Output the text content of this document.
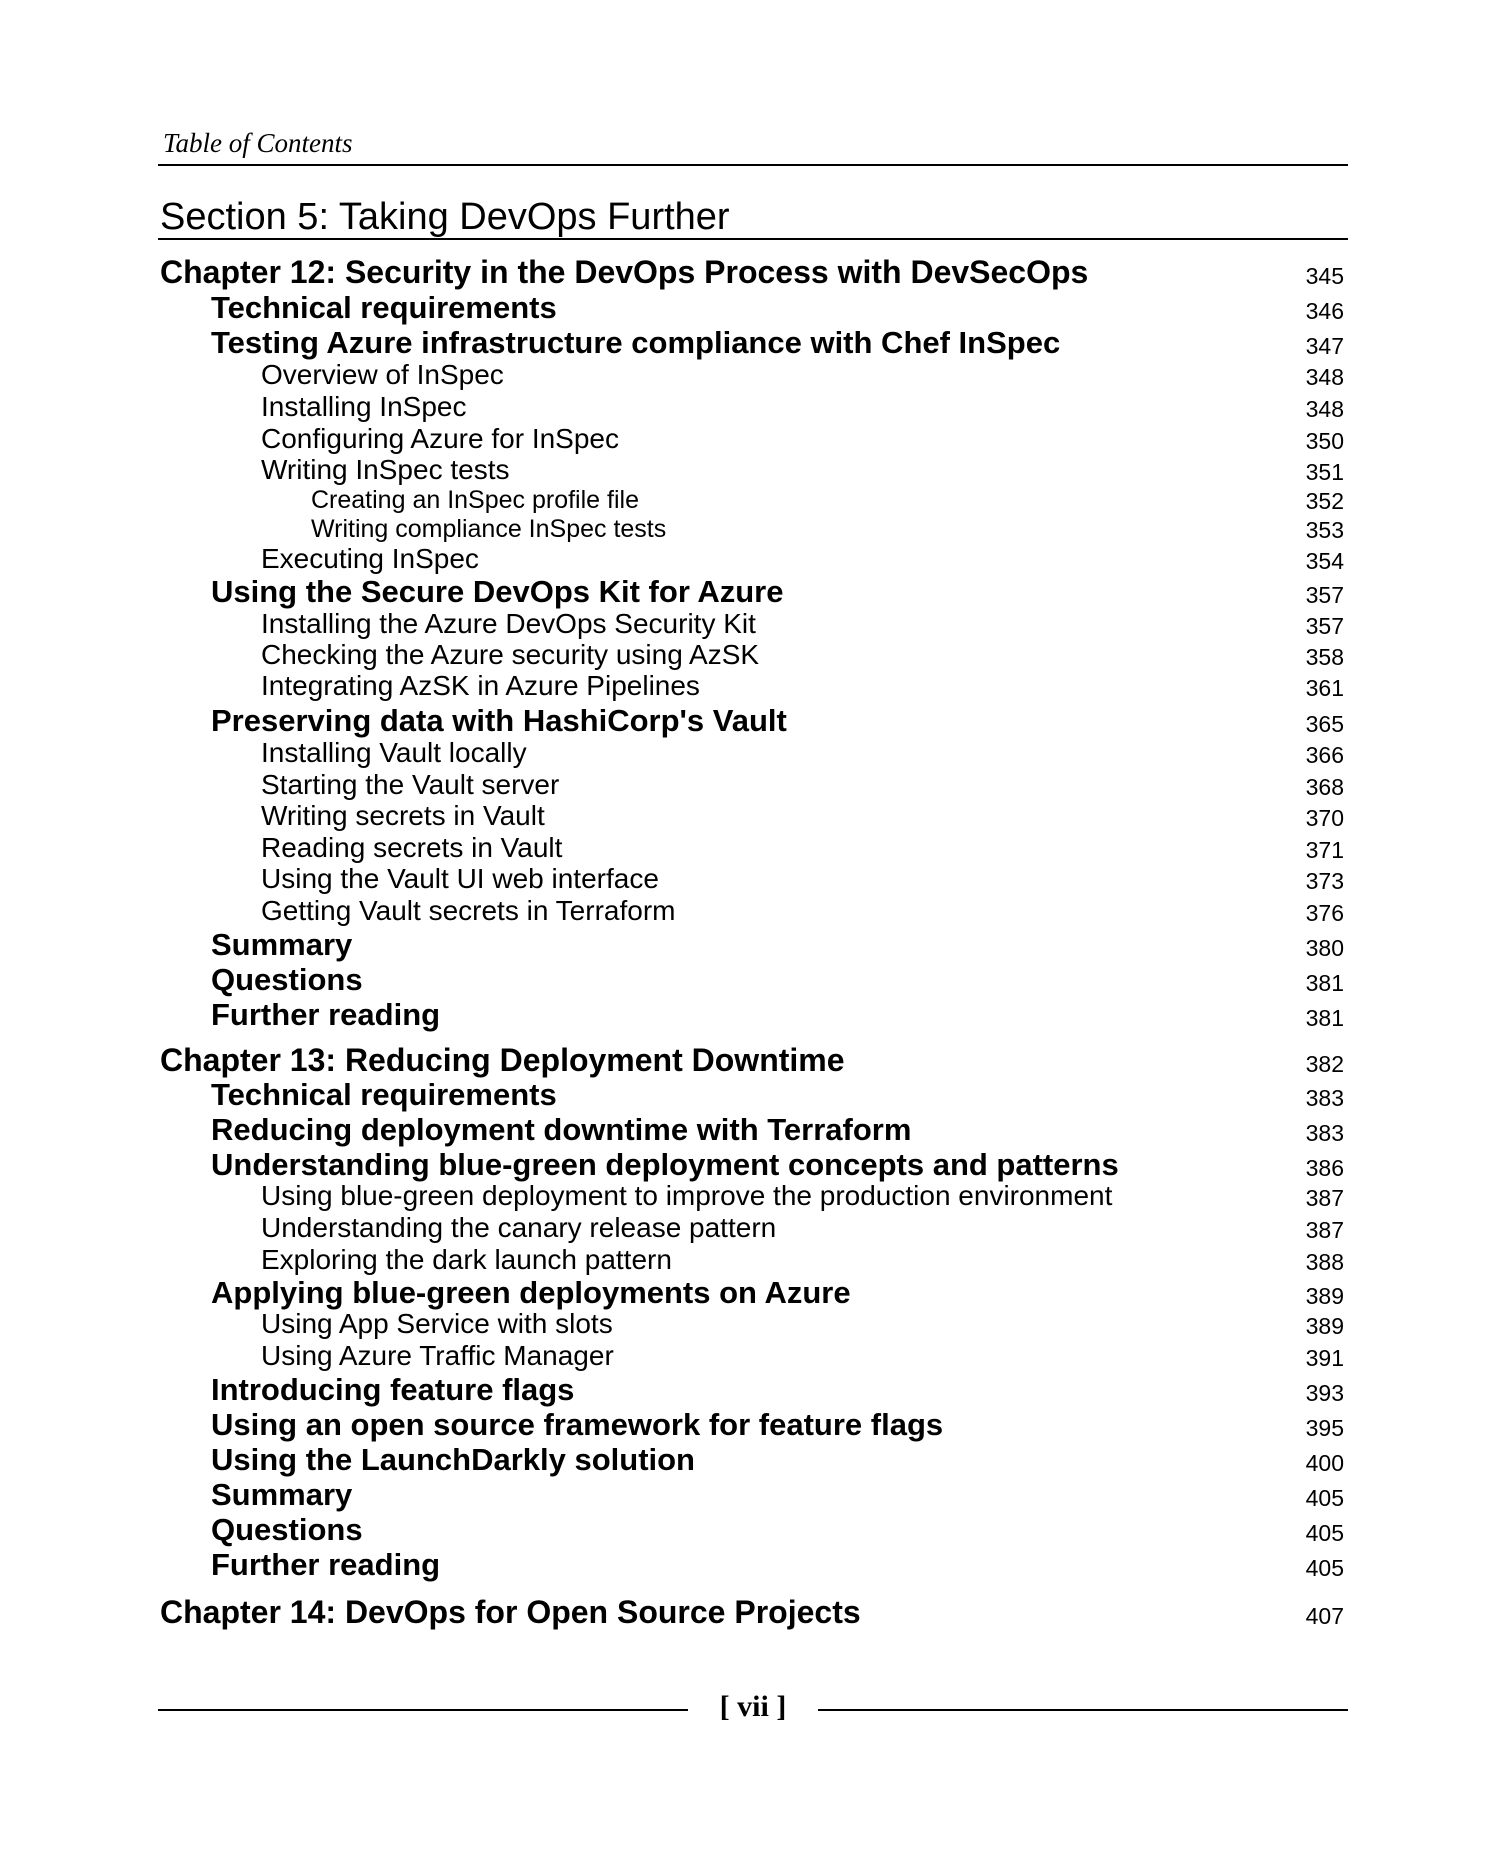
Table of Contents
Section 5: Taking DevOps Further
Chapter 12: Security in the DevOps Process with DevSecOps	345
Technical requirements	346
Testing Azure infrastructure compliance with Chef InSpec	347
Overview of InSpec	348
Installing InSpec	348
Configuring Azure for InSpec	350
Writing InSpec tests	351
Creating an InSpec profile file	352
Writing compliance InSpec tests	353
Executing InSpec	354
Using the Secure DevOps Kit for Azure	357
Installing the Azure DevOps Security Kit	357
Checking the Azure security using AzSK	358
Integrating AzSK in Azure Pipelines	361
Preserving data with HashiCorp's Vault	365
Installing Vault locally	366
Starting the Vault server	368
Writing secrets in Vault	370
Reading secrets in Vault	371
Using the Vault UI web interface	373
Getting Vault secrets in Terraform	376
Summary	380
Questions	381
Further reading	381
Chapter 13: Reducing Deployment Downtime	382
Technical requirements	383
Reducing deployment downtime with Terraform	383
Understanding blue-green deployment concepts and patterns	386
Using blue-green deployment to improve the production environment	387
Understanding the canary release pattern	387
Exploring the dark launch pattern	388
Applying blue-green deployments on Azure	389
Using App Service with slots	389
Using Azure Traffic Manager	391
Introducing feature flags	393
Using an open source framework for feature flags	395
Using the LaunchDarkly solution	400
Summary	405
Questions	405
Further reading	405
Chapter 14: DevOps for Open Source Projects	407
[ vii ]
